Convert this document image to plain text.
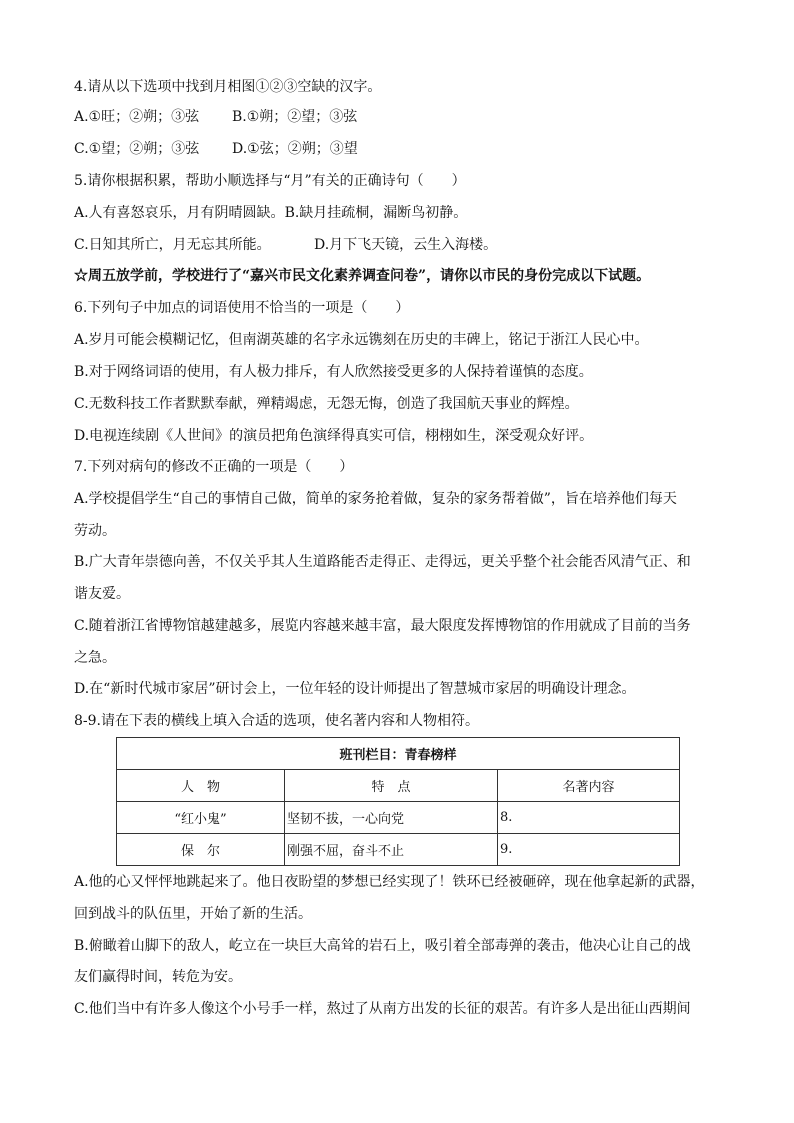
4.请从以下选项中找到月相图①②③空缺的汉字。
A.①旺；②朔；③弦 B.①朔；②望；③弦
C.①望；②朔；③弦 D.①弦；②朔；③望
5.请你根据积累，帮助小顺选择与“月”有关的正确诗句（　　）
A.人有喜怒哀乐，月有阴晴圆缺。B.缺月挂疏桐，漏断鸟初静。
C.日知其所亡，月无忘其所能。	D.月下飞天镜，云生入海楼。
☆周五放学前，学校进行了“嘉兴市民文化素养调查问卷”，请你以市民的身份完成以下试题。
6.下列句子中加点的词语使用不恰当的一项是（　　）
A.岁月可能会模糊记忆，但南湖英雄的名字永远镌刻在历史的丰碑上，铭记于浙江人民心中。
B.对于网络词语的使用，有人极力排斥，有人欣然接受更多的人保持着谨慎的态度。
C.无数科技工作者默默奉献，殚精竭虑，无怨无悔，创造了我国航天事业的辉煌。
D.电视连续剧《人世间》的演员把角色演绎得真实可信，栩栩如生，深受观众好评。
7.下列对病句的修改不正确的一项是（　　）
A.学校提倡学生“自己的事情自己做，简单的家务抢着做，复杂的家务帮着做”，旨在培养他们每天
劳动。
B.广大青年崇德向善，不仅关乎其人生道路能否走得正、走得远，更关乎整个社会能否风清气正、和
谐友爱。
C.随着浙江省博物馆越建越多，展览内容越来越丰富，最大限度发挥博物馆的作用就成了目前的当务
之急。
D.在“新时代城市家居”研讨会上，一位年轻的设计师提出了智慧城市家居的明确设计理念。
8-9.请在下表的横线上填入合适的选项，使名著内容和人物相符。
班刊栏目：青春榜样		
人　物	特　点	名著内容
“红小鬼”	坚韧不拔，一心向党	8.
保　尔	刚强不屈，奋斗不止	9.
A.他的心又怦怦地跳起来了。他日夜盼望的梦想已经实现了！铁环已经被砸碎，现在他拿起新的武器，
回到战斗的队伍里，开始了新的生活。
B.俯瞰着山脚下的敌人，屹立在一块巨大高耸的岩石上，吸引着全部毒弹的袭击，他决心让自己的战
友们赢得时间，转危为安。
C.他们当中有许多人像这个小号手一样，熬过了从南方出发的长征的艰苦。有许多人是出征山西期间
